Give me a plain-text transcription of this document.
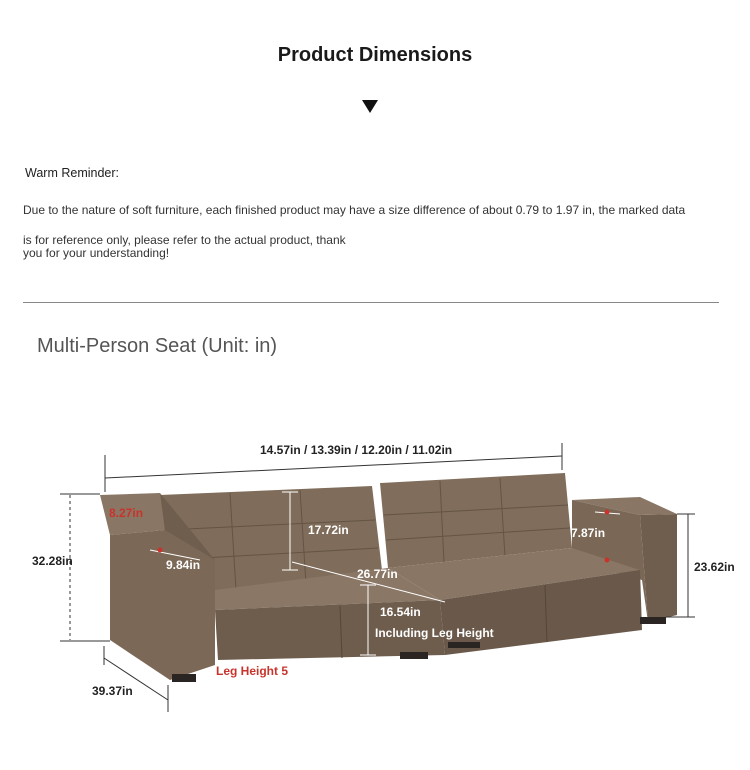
Product Dimensions
Warm Reminder:
Due to the nature of soft furniture, each finished product may have a size difference of about 0.79 to 1.97 in, the marked data
is for reference only, please refer to the actual product, thank
you for your understanding!
Multi-Person Seat (Unit: in)
14.57in / 13.39in / 12.20in / 11.02in
32.28in	23.62in
39.37in
17.72in
26.77in
16.54in
Including Leg Height
9.84in
7.87in
8.27in
Leg Height 5
